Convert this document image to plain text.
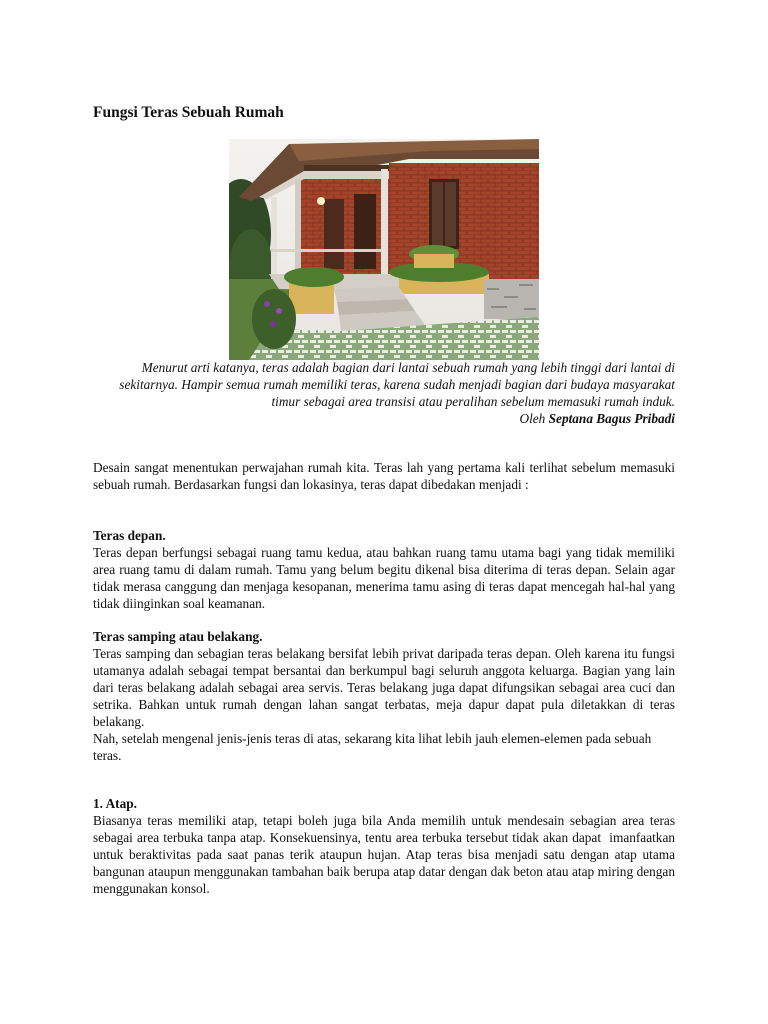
Fungsi Teras Sebuah Rumah
Menurut arti katanya, teras adalah bagian dari lantai sebuah rumah yang lebih tinggi dari lantai di sekitarnya. Hampir semua rumah memiliki teras, karena sudah menjadi bagian dari budaya masyarakat timur sebagai area transisi atau peralihan sebelum memasuki rumah induk.
Oleh Septana Bagus Pribadi

Desain sangat menentukan perwajahan rumah kita. Teras lah yang pertama kali terlihat sebelum memasuki sebuah rumah. Berdasarkan fungsi dan lokasinya, teras dapat dibedakan menjadi :

Teras depan.

Teras depan berfungsi sebagai ruang tamu kedua, atau bahkan ruang tamu utama bagi yang tidak memiliki area ruang tamu di dalam rumah. Tamu yang belum begitu dikenal bisa diterima di teras depan. Selain agar tidak merasa canggung dan menjaga kesopanan, menerima tamu asing di teras dapat mencegah hal-hal yang tidak diinginkan soal keamanan.

Teras samping atau belakang.

Teras samping dan sebagian teras belakang bersifat lebih privat daripada teras depan. Oleh karena itu fungsi utamanya adalah sebagai tempat bersantai dan berkumpul bagi seluruh anggota keluarga. Bagian yang lain dari teras belakang adalah sebagai area servis. Teras belakang juga dapat difungsikan sebagai area cuci dan setrika. Bahkan untuk rumah dengan lahan sangat terbatas, meja dapur dapat pula diletakkan di teras belakang.

Nah, setelah mengenal jenis-jenis teras di atas, sekarang kita lihat lebih jauh elemen-elemen pada sebuah

teras.

1. Atap.

Biasanya teras memiliki atap, tetapi boleh juga bila Anda memilih untuk mendesain sebagian area teras sebagai area terbuka tanpa atap. Konsekuensinya, tentu area terbuka tersebut tidak akan dapat  imanfaatkan untuk beraktivitas pada saat panas terik ataupun hujan. Atap teras bisa menjadi satu dengan atap utama bangunan ataupun menggunakan tambahan baik berupa atap datar dengan dak beton atau atap miring dengan menggunakan konsol.
